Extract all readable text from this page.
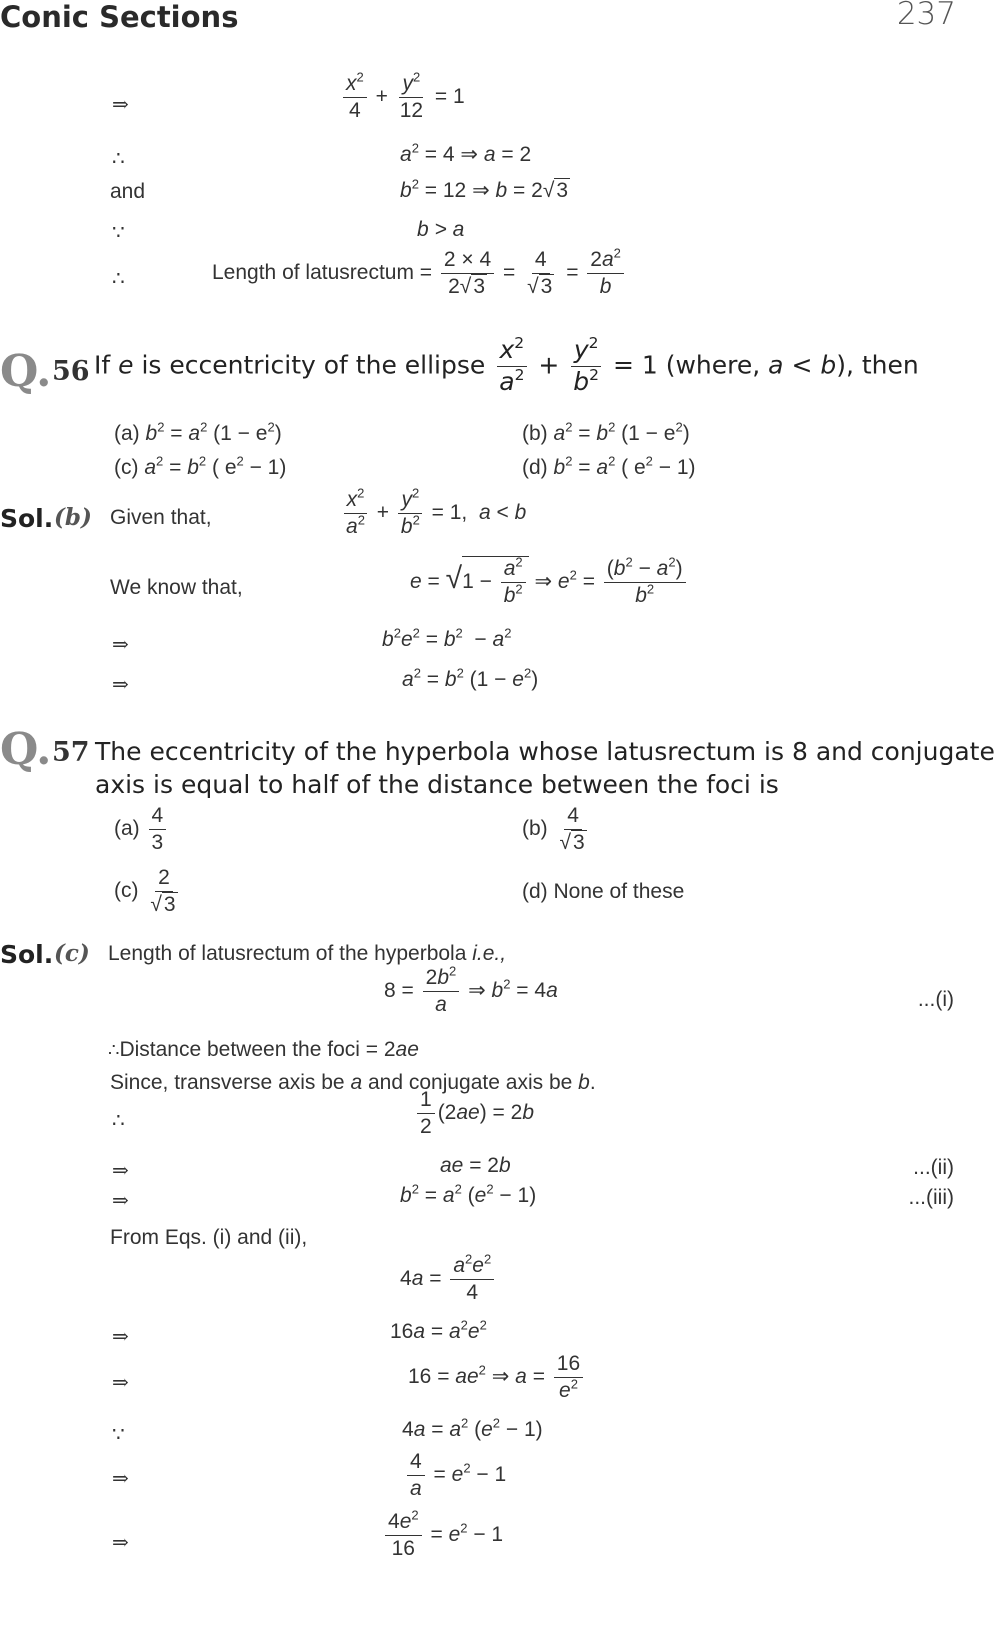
Conic Sections	237
⇒	$\frac{x^2}{4} + \frac{y^2}{12} = 1$
∴	$a^2 = 4$ ⇒ a = 2
and	$b^2 = 12$ ⇒ b = 2√3
∵	b > a
∴	Length of latusrectum = $\frac{2 \times 4}{2√3} = \frac{4}{√3} = \frac{2a^2}{b}$
Q. 56 If e is eccentricity of the ellipse $\frac{x^2}{a^2} + \frac{y^2}{b^2} = 1$ (where, a < b), then
(a) $b^2 = a^2$ $(1 - e^2)$	(b) $a^2 = b^2$ $(1 - e^2)$
(c) $a^2 = b^2$ ( $e^2 - 1$)	(d) $b^2 = a^2$ ( $e^2 - 1$)
Sol. (b) Given that,	$\frac{x^2}{a^2} + \frac{y^2}{b^2} = 1$,  a < b
We know that,	$e = √1 - \frac{a^2}{b^2}$ ⇒ $e^2 = \frac{(b^2 - a^2)}{b^2}$
⇒	$b^2e^2 = b^2 - a^2$
⇒	$a^2 = b^2$ $(1 - e^2)$
Q. 57 The eccentricity of the hyperbola whose latusrectum is 8 and conjugate
axis is equal to half of the distance between the foci is
$(a) \frac{4}{3}$	$(b) \frac{4}{√3}$
$(c) \frac{2}{√3}$	(d) None of these
Sol. (c) Length of latusrectum of the hyperbola i.e.,
$8 = \frac{2b^2}{a}$ ⇒ $b^2 = 4a$	...(i)
∴Distance between the foci = 2ae
Since, transverse axis be a and conjugate axis be b.
∴	$\frac{1}{2} (2ae) = 2b$
⇒	ae = 2b	...(ii)
⇒	$b^2 = a^2$ $(e^2 - 1)$	...(iii)
From Eqs. (i) and (ii),
$4a = \frac{a^2e^2}{4}$
⇒	$16a = a^2e^2$
⇒	$16 = ae^2$ ⇒ $a = \frac{16}{e^2}$
∵	$4a = a^2$ $(e^2 - 1)$
⇒	$\frac{4}{a} = e^2 - 1$
⇒	$\frac{4e^2}{16} = e^2 - 1$
